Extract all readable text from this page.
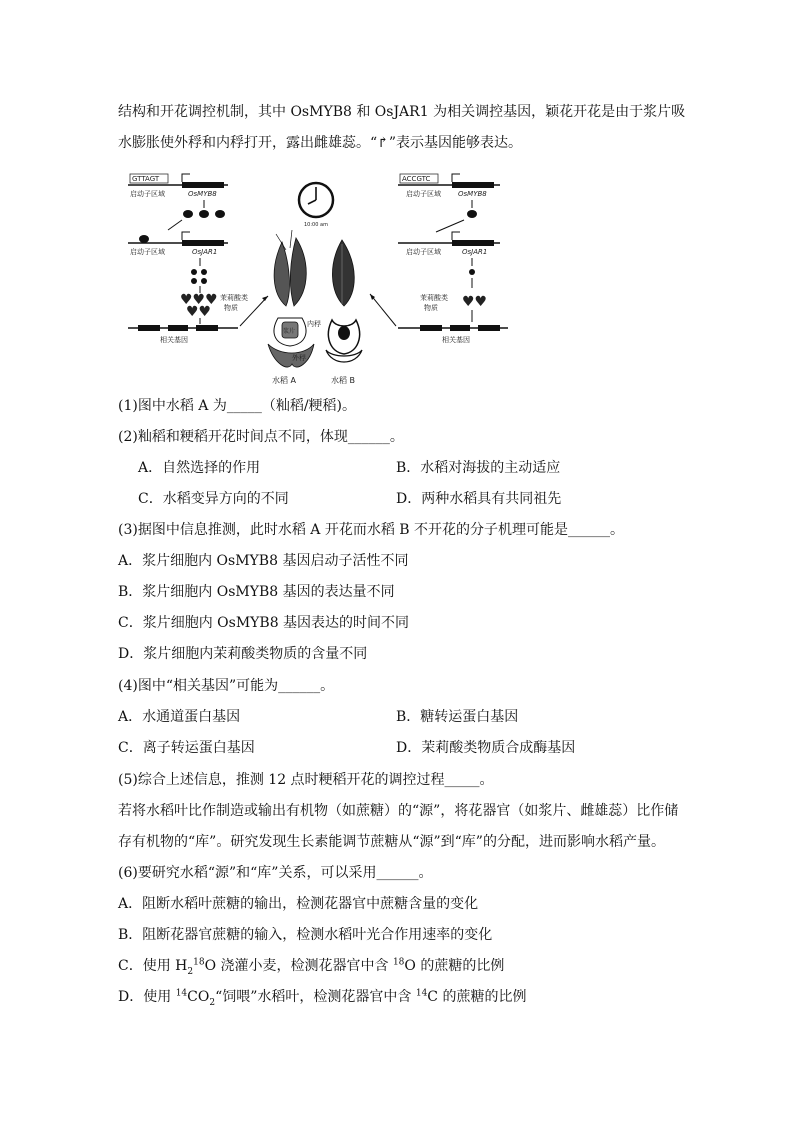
结构和开花调控机制，其中 OsMYB8 和 OsJAR1 为相关调控基因，颖花开花是由于浆片吸
水膨胀使外稃和内稃打开，露出雌雄蕊。“↱”表示基因能够表达。
GTTAGT
启动子区域	OsMYB8
启动子区域	OsJAR1
♥♥♥
♥♥
茉莉酸类
物质
相关基因
10:00 am
内稃
浆片
外稃
水稻 A	水稻 B
ACCGTC
启动子区域 OsMYB8
启动子区域	OsJAR1
♥♥
茉莉酸类
物质
相关基因
(1)图中水稻 A 为_____（籼稻/粳稻)。
(2)籼稻和粳稻开花时间点不同，体现______。
A．自然选择的作用	B．水稻对海拔的主动适应
C．水稻变异方向的不同	D．两种水稻具有共同祖先
(3)据图中信息推测，此时水稻 A 开花而水稻 B 不开花的分子机理可能是______。
A．浆片细胞内 OsMYB8 基因启动子活性不同
B．浆片细胞内 OsMYB8 基因的表达量不同
C．浆片细胞内 OsMYB8 基因表达的时间不同
D．浆片细胞内茉莉酸类物质的含量不同
(4)图中“相关基因”可能为______。
A．水通道蛋白基因	B．糖转运蛋白基因
C．离子转运蛋白基因	D．茉莉酸类物质合成酶基因
(5)综合上述信息，推测 12 点时粳稻开花的调控过程_____。
若将水稻叶比作制造或输出有机物（如蔗糖）的“源”，将花器官（如浆片、雌雄蕊）比作储
存有机物的“库”。研究发现生长素能调节蔗糖从“源”到“库”的分配，进而影响水稻产量。
(6)要研究水稻“源”和“库”关系，可以采用______。
A．阻断水稻叶蔗糖的输出，检测花器官中蔗糖含量的变化
B．阻断花器官蔗糖的输入，检测水稻叶光合作用速率的变化
C．使用 $H_2^{18}O$ 浇灌小麦，检测花器官中含 $^{18}$O 的蔗糖的比例
D．使用 $^{14}CO_2“$饲喂”水稻叶，检测花器官中含 $^{14}$C 的蔗糖的比例
